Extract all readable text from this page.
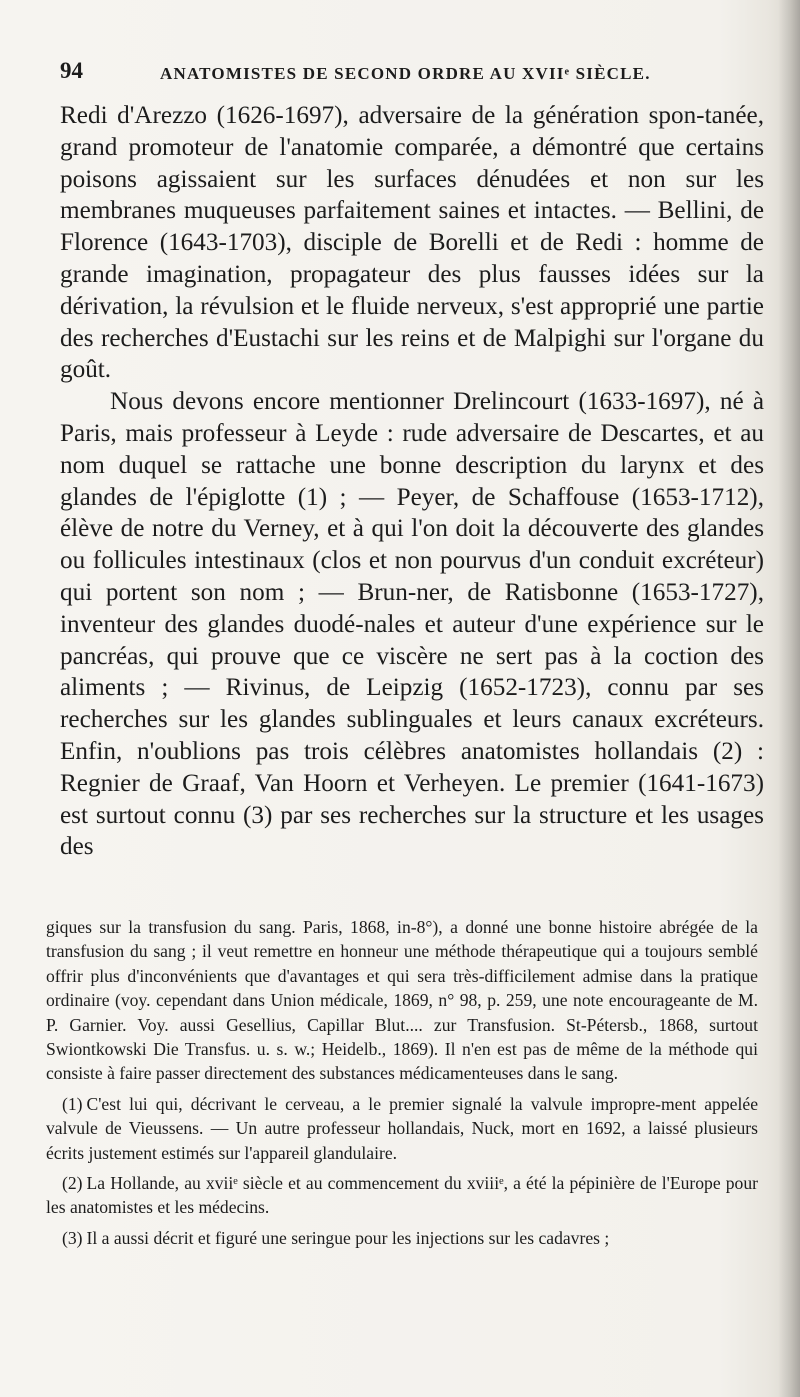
94	ANATOMISTES DE SECOND ORDRE AU XVIIᵉ SIÈCLE.

Redi d'Arezzo (1626-1697), adversaire de la génération spon-tanée, grand promoteur de l'anatomie comparée, a démontré que certains poisons agissaient sur les surfaces dénudées et non sur les membranes muqueuses parfaitement saines et intactes. — Bellini, de Florence (1643-1703), disciple de Borelli et de Redi : homme de grande imagination, propagateur des plus fausses idées sur la dérivation, la révulsion et le fluide nerveux, s'est approprié une partie des recherches d'Eustachi sur les reins et de Malpighi sur l'organe du goût.

Nous devons encore mentionner Drelincourt (1633-1697), né à Paris, mais professeur à Leyde : rude adversaire de Descartes, et au nom duquel se rattache une bonne description du larynx et des glandes de l'épiglotte (1) ; — Peyer, de Schaffouse (1653-1712), élève de notre du Verney, et à qui l'on doit la découverte des glandes ou follicules intestinaux (clos et non pourvus d'un conduit excréteur) qui portent son nom ; — Brun-ner, de Ratisbonne (1653-1727), inventeur des glandes duodé-nales et auteur d'une expérience sur le pancréas, qui prouve que ce viscère ne sert pas à la coction des aliments ; — Rivinus, de Leipzig (1652-1723), connu par ses recherches sur les glandes sublinguales et leurs canaux excréteurs. Enfin, n'oublions pas trois célèbres anatomistes hollandais (2) : Regnier de Graaf, Van Hoorn et Verheyen. Le premier (1641-1673) est surtout connu (3) par ses recherches sur la structure et les usages des

giques sur la transfusion du sang. Paris, 1868, in-8°), a donné une bonne histoire abrégée de la transfusion du sang ; il veut remettre en honneur une méthode thérapeutique qui a toujours semblé offrir plus d'inconvénients que d'avantages et qui sera très-difficilement admise dans la pratique ordinaire (voy. cependant dans Union médicale, 1869, n° 98, p. 259, une note encourageante de M. P. Garnier. Voy. aussi Gesellius, Capillar Blut.... zur Transfusion. St-Pétersb., 1868, surtout Swiontkowski Die Transfus. u. s. w.; Heidelb., 1869). Il n'en est pas de même de la méthode qui consiste à faire passer directement des substances médicamenteuses dans le sang.

(1) C'est lui qui, décrivant le cerveau, a le premier signalé la valvule impropre-ment appelée valvule de Vieussens. — Un autre professeur hollandais, Nuck, mort en 1692, a laissé plusieurs écrits justement estimés sur l'appareil glandulaire.

(2) La Hollande, au xviiᵉ siècle et au commencement du xviiiᵉ, a été la pépinière de l'Europe pour les anatomistes et les médecins.

(3) Il a aussi décrit et figuré une seringue pour les injections sur les cadavres ;
